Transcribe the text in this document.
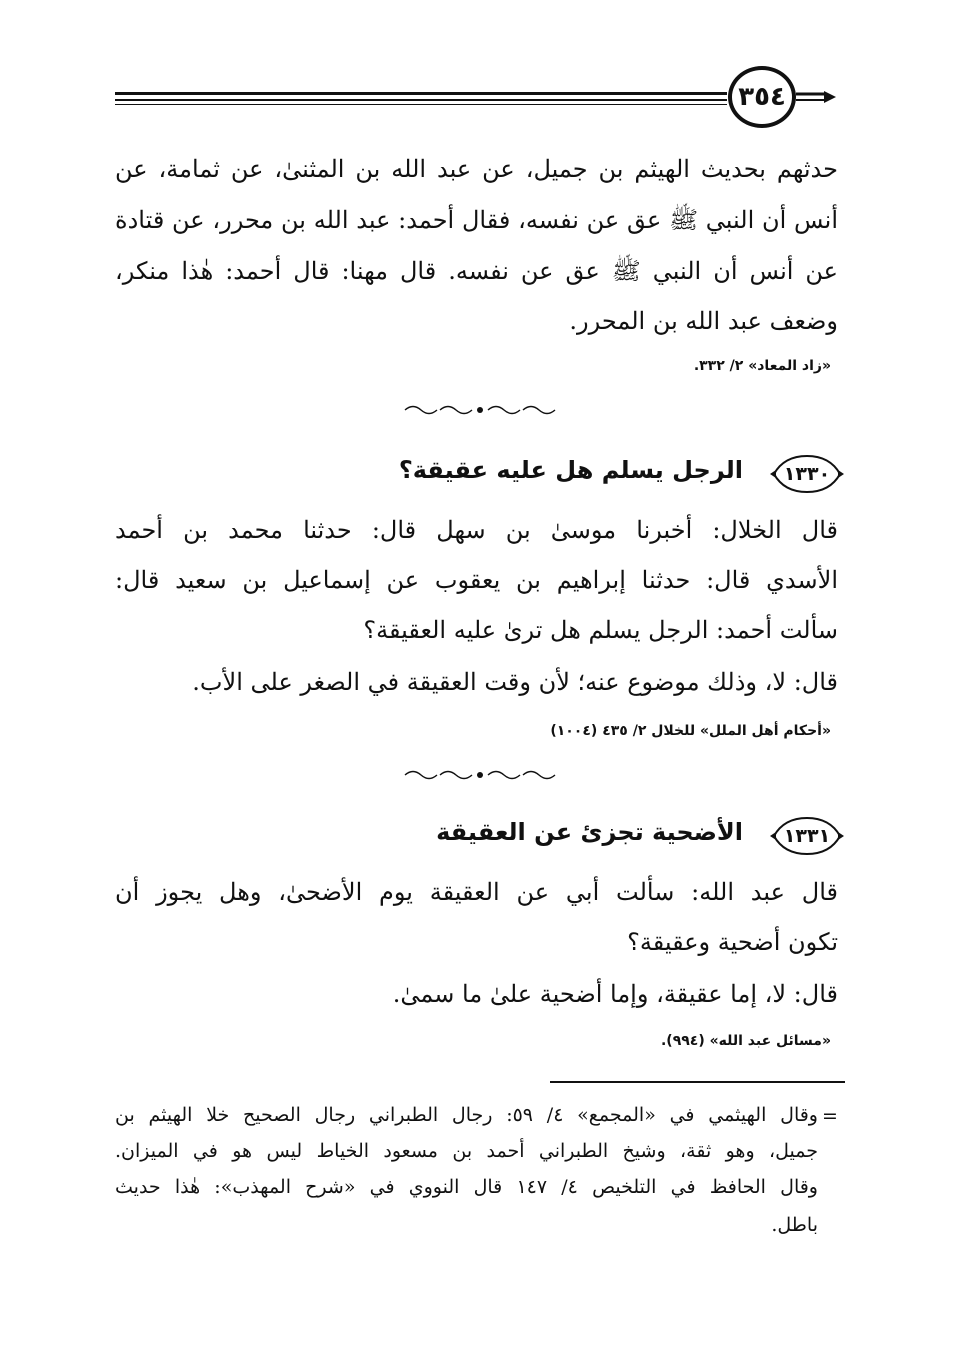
٣٥٤
حدثهم بحديث الهيثم بن جميل، عن عبد الله بن المثنىٰ، عن ثمامة، عن
أنس أن النبي ﷺ عق عن نفسه، فقال أحمد: عبد الله بن محرر، عن قتادة
عن أنس أن النبي ﷺ عق عن نفسه. قال مهنا: قال أحمد: هٰذا منكر،
وضعف عبد الله بن المحرر.
«زاد المعاد» ٢/ ٣٣٢.
١٣٣٠
الرجل يسلم هل عليه عقيقة؟
قال الخلال: أخبرنا موسىٰ بن سهل قال: حدثنا محمد بن أحمد
الأسدي قال: حدثنا إبراهيم بن يعقوب عن إسماعيل بن سعيد قال:
سألت أحمد: الرجل يسلم هل ترىٰ عليه العقيقة؟
قال: لا، وذلك موضوع عنه؛ لأن وقت العقيقة في الصغر على الأب.
«أحكام أهل الملل» للخلال ٢/ ٤٣٥ (١٠٠٤)
١٣٣١
الأضحية تجزئ عن العقيقة
قال عبد الله: سألت أبي عن العقيقة يوم الأضحىٰ، وهل يجوز أن
تكون أضحية وعقيقة؟
قال: لا، إما عقيقة، وإما أضحية علىٰ ما سمىٰ.
«مسائل عبد الله» (٩٩٤).
=
وقال الهيثمي في «المجمع» ٤/ ٥٩: رجال الطبراني رجال الصحيح خلا الهيثم بن
جميل، وهو ثقة، وشيخ الطبراني أحمد بن مسعود الخياط ليس هو في الميزان.
وقال الحافظ في التلخيص ٤/ ١٤٧ قال النووي في «شرح المهذب»: هٰذا حديث
باطل.
